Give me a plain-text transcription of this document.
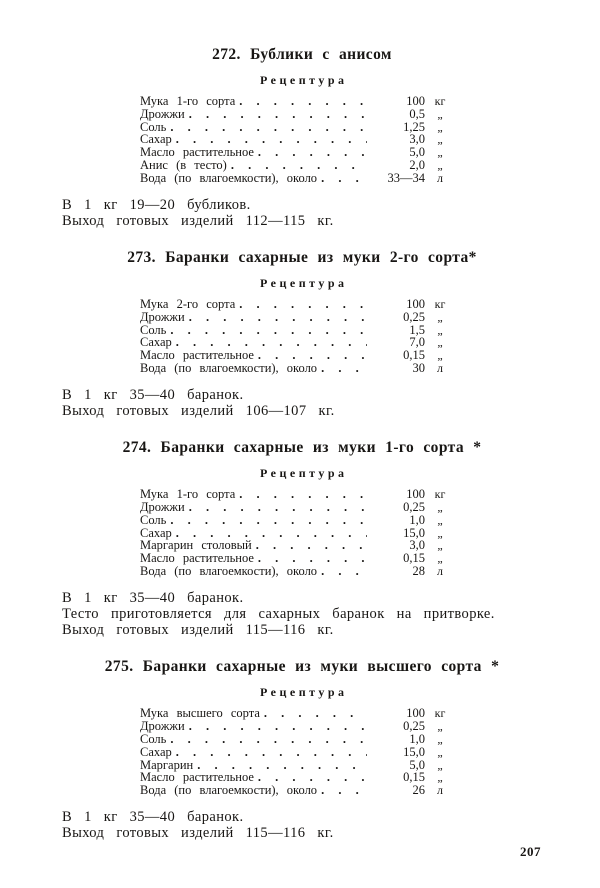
272. Бублики с анисом
Рецептура
Мука 1-го сорта . . .	100 кг
Дрожжи . . .	0,5	„
Соль . . .	1,25	„
Сахар . . .	3,0	„
Масло растительное . . .	5,0	„
Анис (в тесто) . . .	2,0	„
Вода (по влагоемкости), около . . .	33—34	л

В 1 кг 19—20 бубликов.

Выход готовых изделий 112—115 кг.

273. Баранки сахарные из муки 2-го сорта*
Рецептура
Мука 2-го сорта . . .	100 кг
Дрожжи . . .	0,25	„
Соль . . .	1,5	„
Сахар . . .	7,0	„
Масло растительное . . .	0,15	„
Вода (по влагоемкости), около . . .	30	л

В 1 кг 35—40 баранок.

Выход готовых изделий 106—107 кг.

274. Баранки сахарные из муки 1-го сорта *
Рецептура
Мука 1-го сорта . . .	100 кг
Дрожжи . . .	0,25	„
Соль . . .	1,0	„
Сахар . . .	15,0	„
Маргарин столовый . . .	3,0	„
Масло растительное . . .	0,15	„
Вода (по влагоемкости), около . . .	28	л

В 1 кг 35—40 баранок.

Тесто приготовляется для сахарных баранок на притворке.

Выход готовых изделий 115—116 кг.

275. Баранки сахарные из муки высшего сорта *
Рецептура
Мука высшего сорта . . .	100 кг
Дрожжи . . .	0,25	„
Соль . . .	1,0	„
Сахар . . .	15,0	„
Маргарин . . .	5,0	„
Масло растительное . . .	0,15	„
Вода (по влагоемкости), около . . .	26	л

В 1 кг 35—40 баранок.

Выход готовых изделий 115—116 кг.

207
